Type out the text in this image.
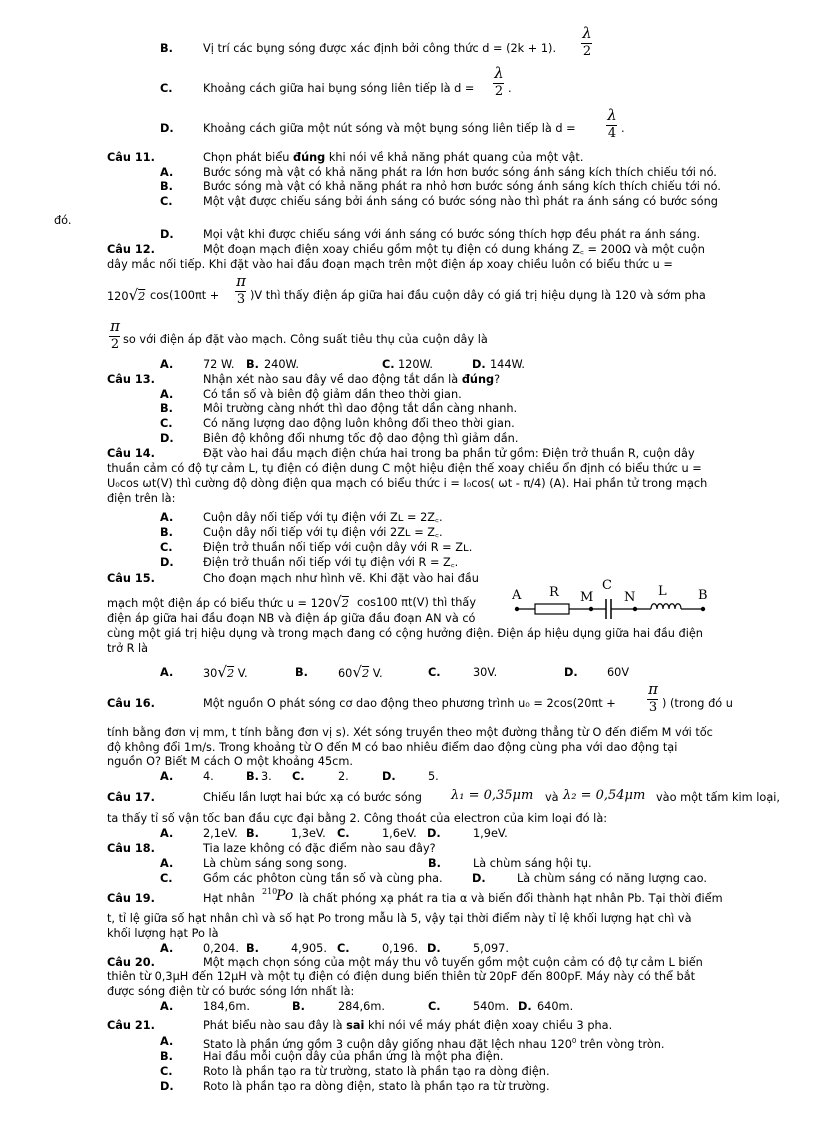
B.	Vị trí các bụng sóng được xác định bởi công thức d = (2k + 1).
λ
2
C.	Khoảng cách giữa hai bụng sóng liên tiếp là d =
λ
2 .
D.	Khoảng cách giữa một nút sóng và một bụng sóng liên tiếp là d =
λ
4 .
Câu 11.	Chọn phát biểu đúng khi nói về khả năng phát quang của một vật.
A.	Bước sóng mà vật có khả năng phát ra lớn hơn bước sóng ánh sáng kích thích chiếu tới nó.
B.	Bước sóng mà vật có khả năng phát ra nhỏ hơn bước sóng ánh sáng kích thích chiếu tới nó.
C.	Một vật được chiếu sáng bởi ánh sáng có bước sóng nào thì phát ra ánh sáng có bước sóng
đó.
D.	Mọi vật khi được chiếu sáng với ánh sáng có bước sóng thích hợp đều phát ra ánh sáng.
Câu 12.	Một đoạn mạch điện xoay chiều gồm một tụ điện có dung kháng Z꜀ = 200Ω và một cuộn
dây mắc nối tiếp. Khi đặt vào hai đầu đoạn mạch trên một điện áp xoay chiều luôn có biểu thức u =
120√2 cos(100πt +
π
3 )V thì thấy điện áp giữa hai đầu cuộn dây có giá trị hiệu dụng là 120 và sớm pha
π
2 so với điện áp đặt vào mạch. Công suất tiêu thụ của cuộn dây là
A.	72 W. B. 240W.	C. 120W.	D. 144W.
Câu 13.	Nhận xét nào sau đây về dao động tắt dần là đúng?
A.	Có tần số và biên độ giảm dần theo thời gian.
B.	Môi trường càng nhớt thì dao động tắt dần càng nhanh.
C.	Có năng lượng dao động luôn không đổi theo thời gian.
D.	Biên độ không đổi nhưng tốc độ dao động thì giảm dần.
Câu 14.	Đặt vào hai đầu mạch điện chứa hai trong ba phần tử gồm: Điện trở thuần R, cuộn dây
thuần cảm có độ tự cảm L, tụ điện có điện dung C một hiệu điện thế xoay chiều ổn định có biểu thức u =
U₀cos ωt(V) thì cường độ dòng điện qua mạch có biểu thức i = I₀cos( ωt - π/4) (A). Hai phần tử trong mạch
điện trên là:
A.	Cuộn dây nối tiếp với tụ điện với Zʟ = 2Z꜀.
B.	Cuộn dây nối tiếp với tụ điện với 2Zʟ = Z꜀.
C.	Điện trở thuần nối tiếp với cuộn dây với R = Zʟ.
D.	Điện trở thuần nối tiếp với tụ điện với R = Z꜀.
Câu 15.	Cho đoạn mạch như hình vẽ. Khi đặt vào hai đầu
mạch một điện áp có biểu thức u = 120√2 cos100 πt(V) thì thấy
điện áp giữa hai đầu đoạn NB và điện áp giữa đầu đoạn AN và có
cùng một giá trị hiệu dụng và trong mạch đang có cộng hưởng điện. Điện áp hiệu dụng giữa hai đầu điện
trở R là
A R M
C
N L B
A.	30√2 V.	B.	60√2 V.	C.	30V.	D.	60V
Câu 16.	Một nguồn O phát sóng cơ dao động theo phương trình u₀ = 2cos(20πt +
π
3 ) (trong đó u
tính bằng đơn vị mm, t tính bằng đơn vị s). Xét sóng truyền theo một đường thẳng từ O đến điểm M với tốc
độ không đổi 1m/s. Trong khoảng từ O đến M có bao nhiêu điểm dao động cùng pha với dao động tại
nguồn O? Biết M cách O một khoảng 45cm.
A.	4.	B. 3. C.	2.	D.	5.
Câu 17.	Chiếu lần lượt hai bức xạ có bước sóng λ₁ = 0,35μm và λ₂ = 0,54μm vào một tấm kim loại,
ta thấy tỉ số vận tốc ban đầu cực đại bằng 2. Công thoát của electron của kim loại đó là:
A.	2,1eV. B.	1,3eV. C.	1,6eV. D.	1,9eV.
Câu 18.	Tia laze không có đặc điểm nào sau đây?
A.	Là chùm sáng song song.	B.	Là chùm sáng hội tụ.
C.	Gồm các phôton cùng tần số và cùng pha.	D.	Là chùm sáng có năng lượng cao.
Câu 19.	Hạt nhân
210
Po là chất phóng xạ phát ra tia α và biến đổi thành hạt nhân Pb. Tại thời điểm
t, tỉ lệ giữa số hạt nhân chì và số hạt Po trong mẫu là 5, vậy tại thời điểm này tỉ lệ khối lượng hạt chì và
khối lượng hạt Po là
A.	0,204. B.	4,905. C.	0,196. D.	5,097.
Câu 20.	Một mạch chọn sóng của một máy thu vô tuyến gồm một cuộn cảm có độ tự cảm L biến
thiên từ 0,3μH đến 12μH và một tụ điện có điện dung biến thiên từ 20pF đến 800pF. Máy này có thể bắt
được sóng điện từ có bước sóng lớn nhất là:
A.	184,6m.	B.	284,6m.	C.	540m. D. 640m.
Câu 21.	Phát biểu nào sau đây là sai khi nói về máy phát điện xoay chiều 3 pha.
A.	Stato là phần ứng gồm 3 cuộn dây giống nhau đặt lệch nhau $120^0$ trên vòng tròn.
B.	Hai đầu mỗi cuộn dây của phần ứng là một pha điện.
C.	Roto là phần tạo ra từ trường, stato là phần tạo ra dòng điện.
D.	Roto là phần tạo ra dòng điện, stato là phần tạo ra từ trường.
